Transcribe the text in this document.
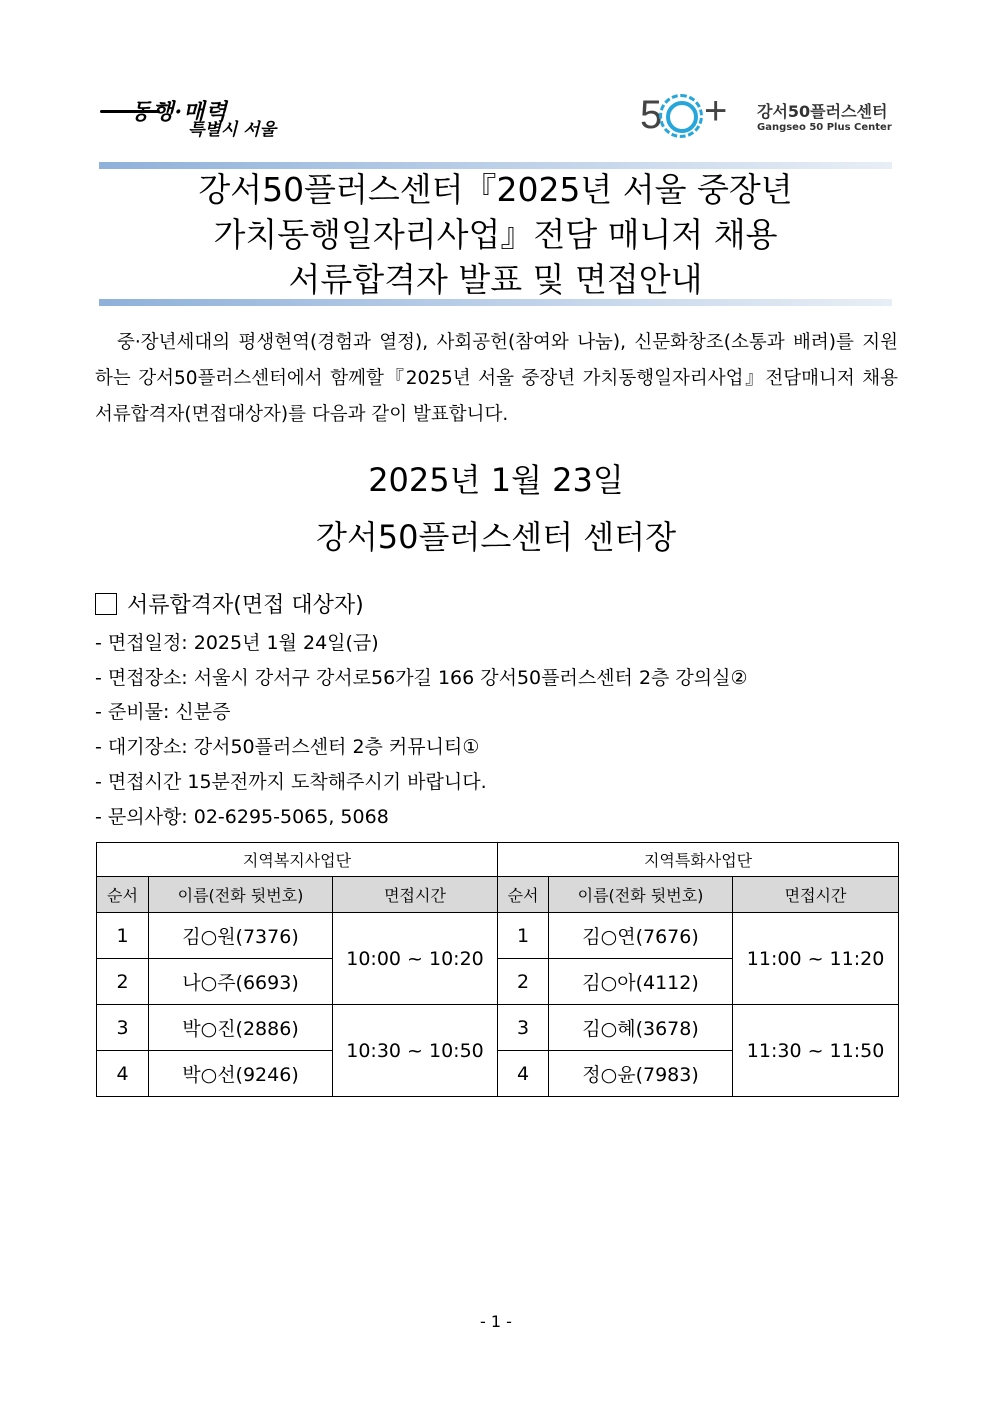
동행·매력
특별시 서울	5 + 강서50플러스센터
Gangseo 50 Plus Center
강서50플러스센터『2025년 서울 중장년
가치동행일자리사업』전담 매니저 채용
서류합격자 발표 및 면접안내
중·장년세대의 평생현역(경험과 열정), 사회공헌(참여와 나눔), 신문화창조(소통과 배려)를 지원하는 강서50플러스센터에서 함께할『2025년 서울 중장년 가치동행일자리사업』전담매니저 채용 서류합격자(면접대상자)를 다음과 같이 발표합니다.
2025년 1월 23일
강서50플러스센터 센터장
서류합격자(면접 대상자)
- 면접일정: 2025년 1월 24일(금)
- 면접장소: 서울시 강서구 강서로56가길 166 강서50플러스센터 2층 강의실②
- 준비물: 신분증
- 대기장소: 강서50플러스센터 2층 커뮤니티①
- 면접시간 15분전까지 도착해주시기 바랍니다.
- 문의사항: 02-6295-5065, 5068
지역복지사업단			지역특화사업단		
순서	이름(전화 뒷번호)	면접시간	순서	이름(전화 뒷번호)	면접시간
1	김○원(7376)	10:00 ~ 10:20	1	김○연(7676)	11:00 ~ 11:20
2	나○주(6693)		2	김○아(4112)	
3	박○진(2886)	10:30 ~ 10:50	3	김○혜(3678)	11:30 ~ 11:50
4	박○선(9246)		4	정○윤(7983)	
- 1 -
